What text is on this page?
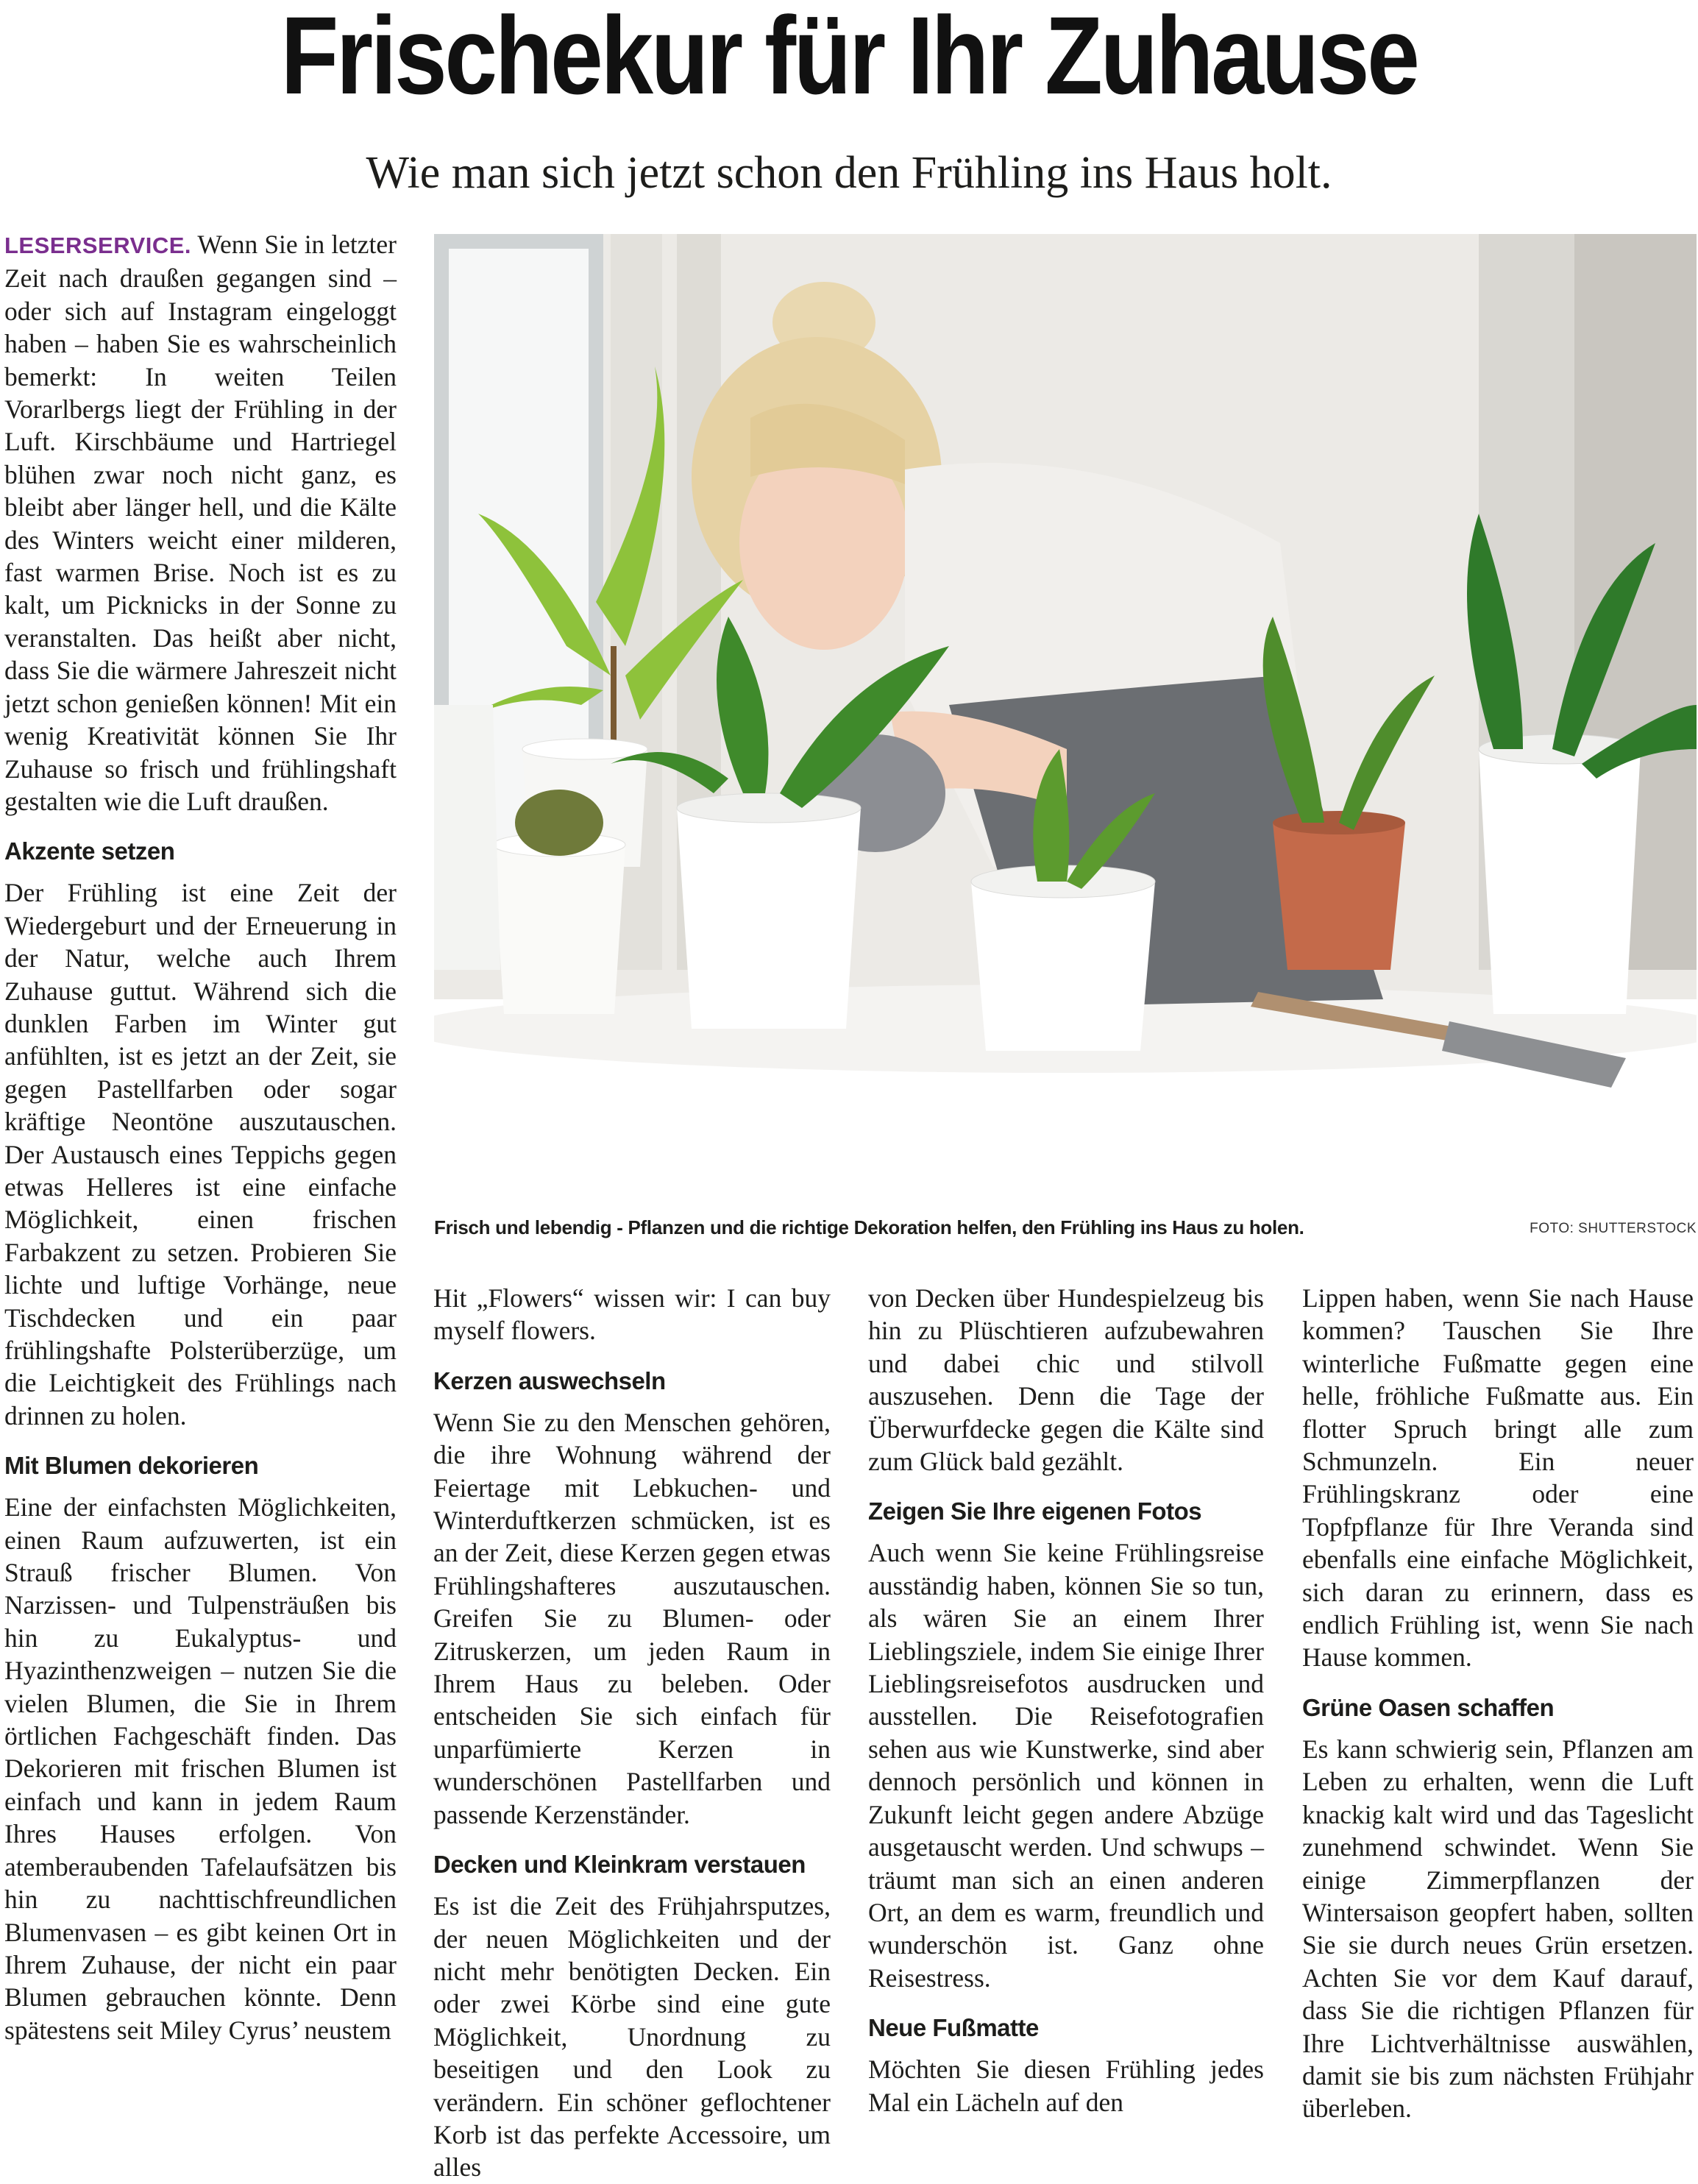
Frischekur für Ihr Zuhause
Wie man sich jetzt schon den Frühling ins Haus holt.

LESERSERVICE. Wenn Sie in letzter Zeit nach draußen gegangen sind – oder sich auf Instagram eingeloggt haben – haben Sie es wahrscheinlich bemerkt: In weiten Teilen Vorarlbergs liegt der Frühling in der Luft. Kirschbäume und Hartriegel blühen zwar noch nicht ganz, es bleibt aber länger hell, und die Kälte des Winters weicht einer milderen, fast warmen Brise. Noch ist es zu kalt, um Picknicks in der Sonne zu veranstalten. Das heißt aber nicht, dass Sie die wärmere Jahreszeit nicht jetzt schon genießen können! Mit ein wenig Kreativität können Sie Ihr Zuhause so frisch und frühlingshaft gestalten wie die Luft draußen.

Akzente setzen

Der Frühling ist eine Zeit der Wiedergeburt und der Erneuerung in der Natur, welche auch Ihrem Zuhause guttut. Während sich die dunklen Farben im Winter gut anfühlten, ist es jetzt an der Zeit, sie gegen Pastellfarben oder sogar kräftige Neontöne auszutauschen. Der Austausch eines Teppichs gegen etwas Helleres ist eine einfache Möglichkeit, einen frischen Farbakzent zu setzen. Probieren Sie lichte und luftige Vorhänge, neue Tischdecken und ein paar frühlingshafte Polsterüberzüge, um die Leichtigkeit des Frühlings nach drinnen zu holen.

Mit Blumen dekorieren

Eine der einfachsten Möglichkeiten, einen Raum aufzuwerten, ist ein Strauß frischer Blumen. Von Narzissen- und Tulpensträußen bis hin zu Eukalyptus- und Hyazinthenzweigen – nutzen Sie die vielen Blumen, die Sie in Ihrem örtlichen Fachgeschäft finden. Das Dekorieren mit frischen Blumen ist einfach und kann in jedem Raum Ihres Hauses erfolgen. Von atemberaubenden Tafelaufsätzen bis hin zu nachttischfreundlichen Blumenvasen – es gibt keinen Ort in Ihrem Zuhause, der nicht ein paar Blumen gebrauchen könnte. Denn spätestens seit Miley Cyrus’ neustem

Frisch und lebendig - Pflanzen und die richtige Dekoration helfen, den Frühling ins Haus zu holen.	FOTO: SHUTTERSTOCK

Hit „Flowers“ wissen wir: I can buy myself flowers.

Kerzen auswechseln

Wenn Sie zu den Menschen gehören, die ihre Wohnung während der Feiertage mit Lebkuchen- und Winterduftkerzen schmücken, ist es an der Zeit, diese Kerzen gegen etwas Frühlingshafteres auszutauschen. Greifen Sie zu Blumen- oder Zitruskerzen, um jeden Raum in Ihrem Haus zu beleben. Oder entscheiden Sie sich einfach für unparfümierte Kerzen in wunderschönen Pastellfarben und passende Kerzenständer.

Decken und Kleinkram verstauen

Es ist die Zeit des Frühjahrsputzes, der neuen Möglichkeiten und der nicht mehr benötigten Decken. Ein oder zwei Körbe sind eine gute Möglichkeit, Unordnung zu beseitigen und den Look zu verändern. Ein schöner geflochtener Korb ist das perfekte Accessoire, um alles

von Decken über Hundespielzeug bis hin zu Plüschtieren aufzubewahren und dabei chic und stilvoll auszusehen. Denn die Tage der Überwurfdecke gegen die Kälte sind zum Glück bald gezählt.

Zeigen Sie Ihre eigenen Fotos

Auch wenn Sie keine Frühlingsreise ausständig haben, können Sie so tun, als wären Sie an einem Ihrer Lieblingsziele, indem Sie einige Ihrer Lieblingsreisefotos ausdrucken und ausstellen. Die Reisefotografien sehen aus wie Kunstwerke, sind aber dennoch persönlich und können in Zukunft leicht gegen andere Abzüge ausgetauscht werden. Und schwups – träumt man sich an einen anderen Ort, an dem es warm, freundlich und wunderschön ist. Ganz ohne Reisestress.

Neue Fußmatte

Möchten Sie diesen Frühling jedes Mal ein Lächeln auf den

Lippen haben, wenn Sie nach Hause kommen? Tauschen Sie Ihre winterliche Fußmatte gegen eine helle, fröhliche Fußmatte aus. Ein flotter Spruch bringt alle zum Schmunzeln. Ein neuer Frühlingskranz oder eine Topfpflanze für Ihre Veranda sind ebenfalls eine einfache Möglichkeit, sich daran zu erinnern, dass es endlich Frühling ist, wenn Sie nach Hause kommen.

Grüne Oasen schaffen

Es kann schwierig sein, Pflanzen am Leben zu erhalten, wenn die Luft knackig kalt wird und das Tageslicht zunehmend schwindet. Wenn Sie einige Zimmerpflanzen der Wintersaison geopfert haben, sollten Sie sie durch neues Grün ersetzen. Achten Sie vor dem Kauf darauf, dass Sie die richtigen Pflanzen für Ihre Lichtverhältnisse auswählen, damit sie bis zum nächsten Frühjahr überleben.
